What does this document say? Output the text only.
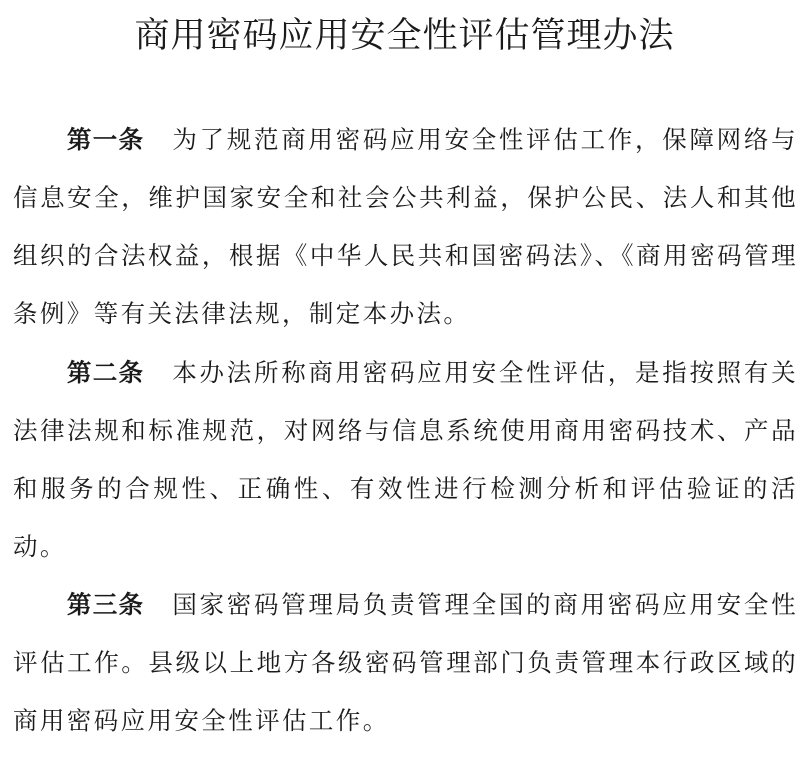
商用密码应用安全性评估管理办法

第一条 为了规范商用密码应用安全性评估工作，保障网络与信息安全，维护国家安全和社会公共利益，保护公民、法人和其他组织的合法权益，根据《中华人民共和国密码法》、《商用密码管理条例》等有关法律法规，制定本办法。

第二条 本办法所称商用密码应用安全性评估，是指按照有关法律法规和标准规范，对网络与信息系统使用商用密码技术、产品和服务的合规性、正确性、有效性进行检测分析和评估验证的活动。

第三条 国家密码管理局负责管理全国的商用密码应用安全性评估工作。县级以上地方各级密码管理部门负责管理本行政区域的商用密码应用安全性评估工作。
